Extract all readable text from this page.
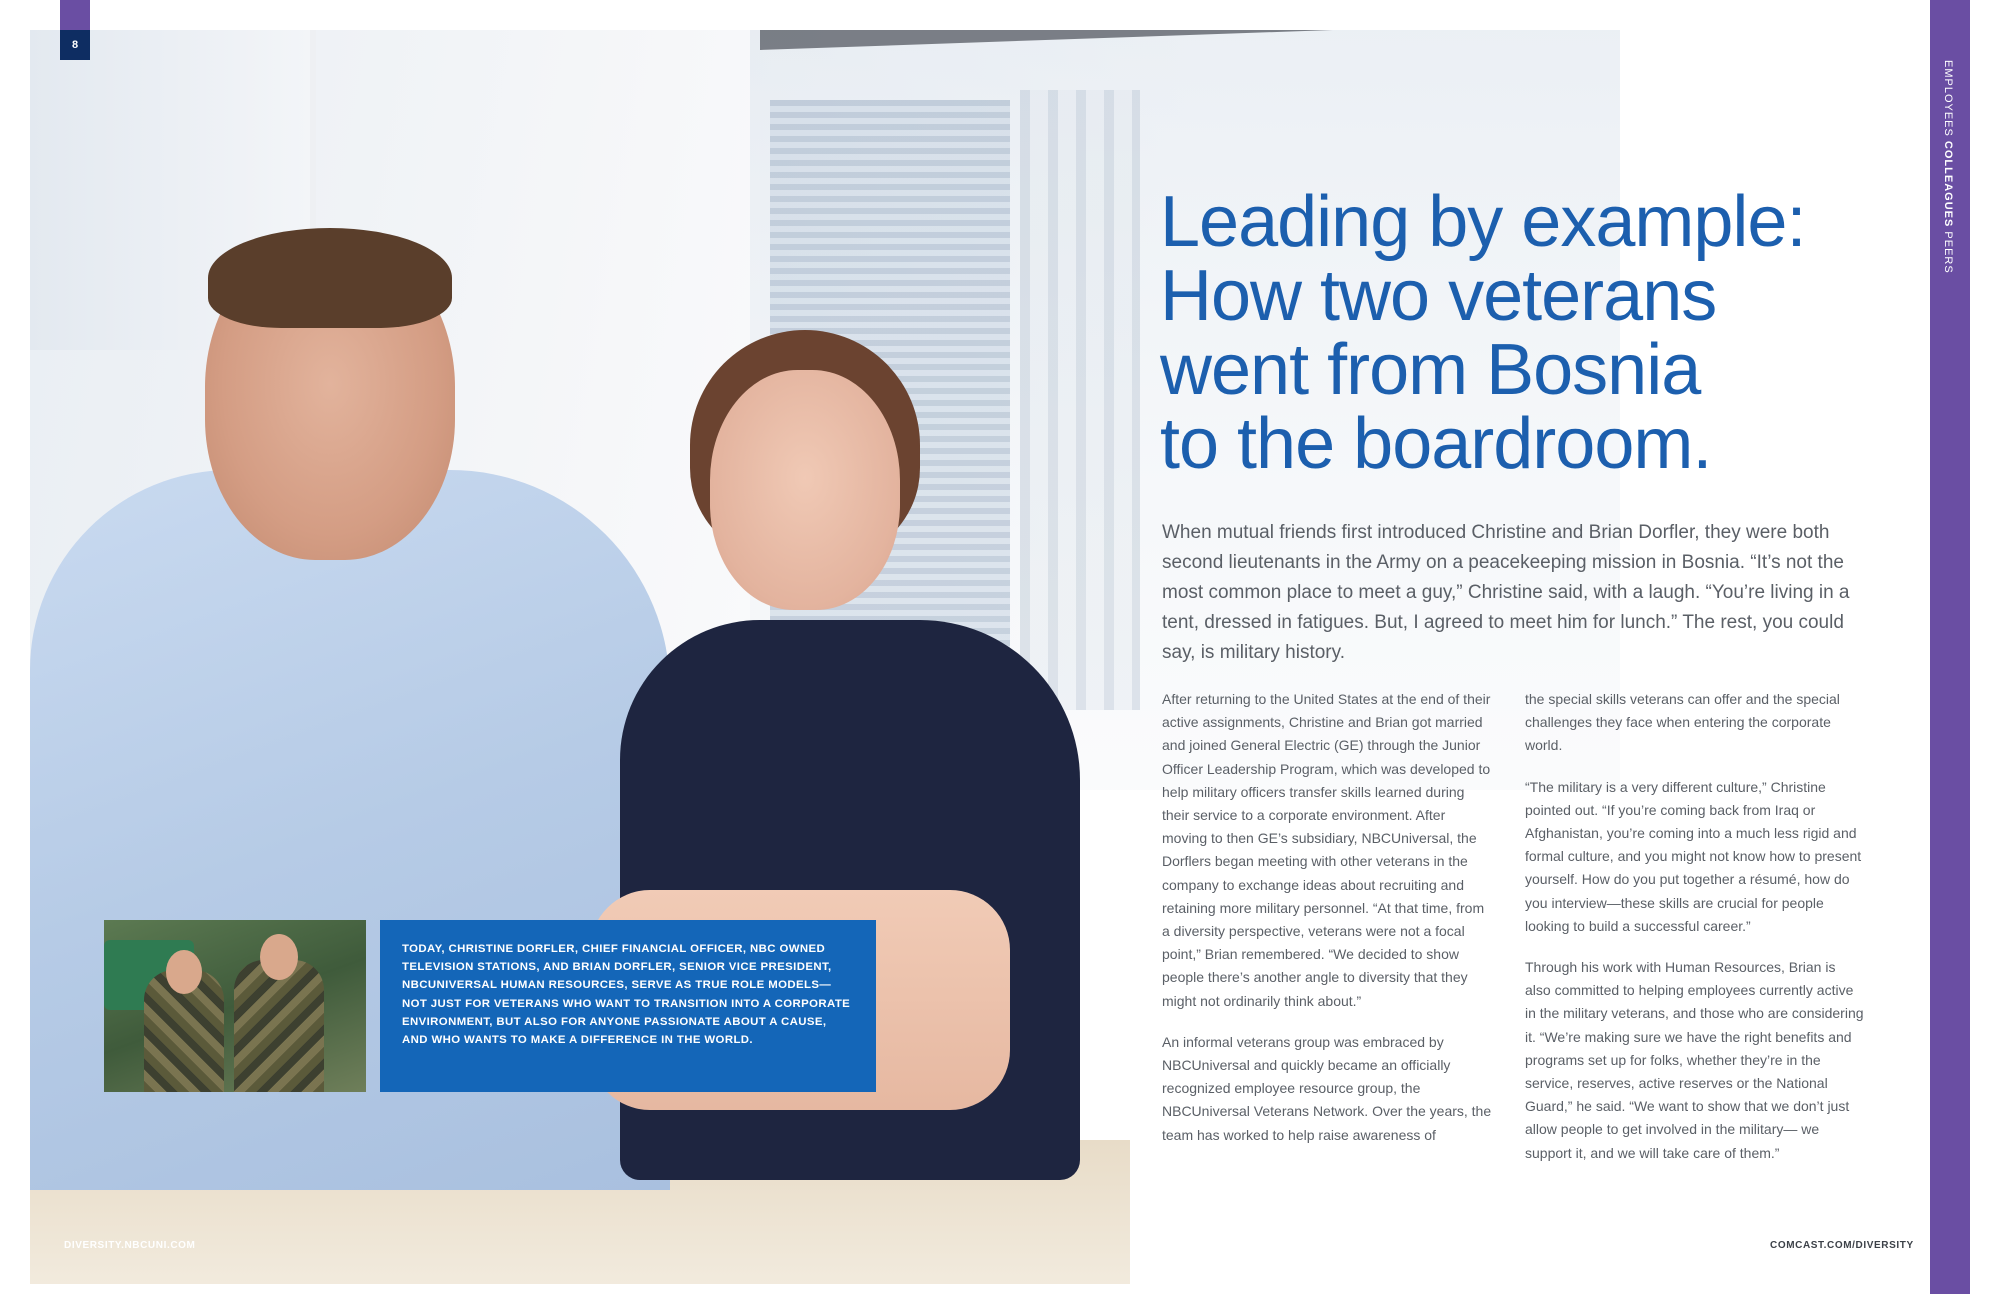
8
EMPLOYEES COLLEAGUES PEERS
Leading by example:
How two veterans
went from Bosnia
to the boardroom.

When mutual friends first introduced Christine and Brian Dorfler, they were both second lieutenants in the Army on a peacekeeping mission in Bosnia. “It’s not the most common place to meet a guy,” Christine said, with a laugh. “You’re living in a tent, dressed in fatigues. But, I agreed to meet him for lunch.” The rest, you could say, is military history.

After returning to the United States at the end of their active assignments, Christine and Brian got married and joined General Electric (GE) through the Junior Officer Leadership Program, which was developed to help military officers transfer skills learned during their service to a corporate environment. After moving to then GE’s subsidiary, NBCUniversal, the Dorflers began meeting with other veterans in the company to exchange ideas about recruiting and retaining more military personnel. “At that time, from a diversity perspective, veterans were not a focal point,” Brian remembered. “We decided to show people there’s another angle to diversity that they might not ordinarily think about.”

An informal veterans group was embraced by NBCUniversal and quickly became an officially recognized employee resource group, the NBCUniversal Veterans Network. Over the years, the team has worked to help raise awareness of

the special skills veterans can offer and the special challenges they face when entering the corporate world.

“The military is a very different culture,” Christine pointed out. “If you’re coming back from Iraq or Afghanistan, you’re coming into a much less rigid and formal culture, and you might not know how to present yourself. How do you put together a résumé, how do you interview—these skills are crucial for people looking to build a successful career.”

Through his work with Human Resources, Brian is also committed to helping employees currently active in the military veterans, and those who are considering it. “We’re making sure we have the right benefits and programs set up for folks, whether they’re in the service, reserves, active reserves or the National Guard,” he said. “We want to show that we don’t just allow people to get involved in the military— we support it, and we will take care of them.”

TODAY, CHRISTINE DORFLER, CHIEF FINANCIAL OFFICER, NBC OWNED TELEVISION STATIONS, AND BRIAN DORFLER, SENIOR VICE PRESIDENT, NBCUNIVERSAL HUMAN RESOURCES, SERVE AS TRUE ROLE MODELS—NOT JUST FOR VETERANS WHO WANT TO TRANSITION INTO A CORPORATE ENVIRONMENT, BUT ALSO FOR ANYONE PASSIONATE ABOUT A CAUSE, AND WHO WANTS TO MAKE A DIFFERENCE IN THE WORLD.
DIVERSITY.NBCUNI.COM	COMCAST.COM/DIVERSITY
